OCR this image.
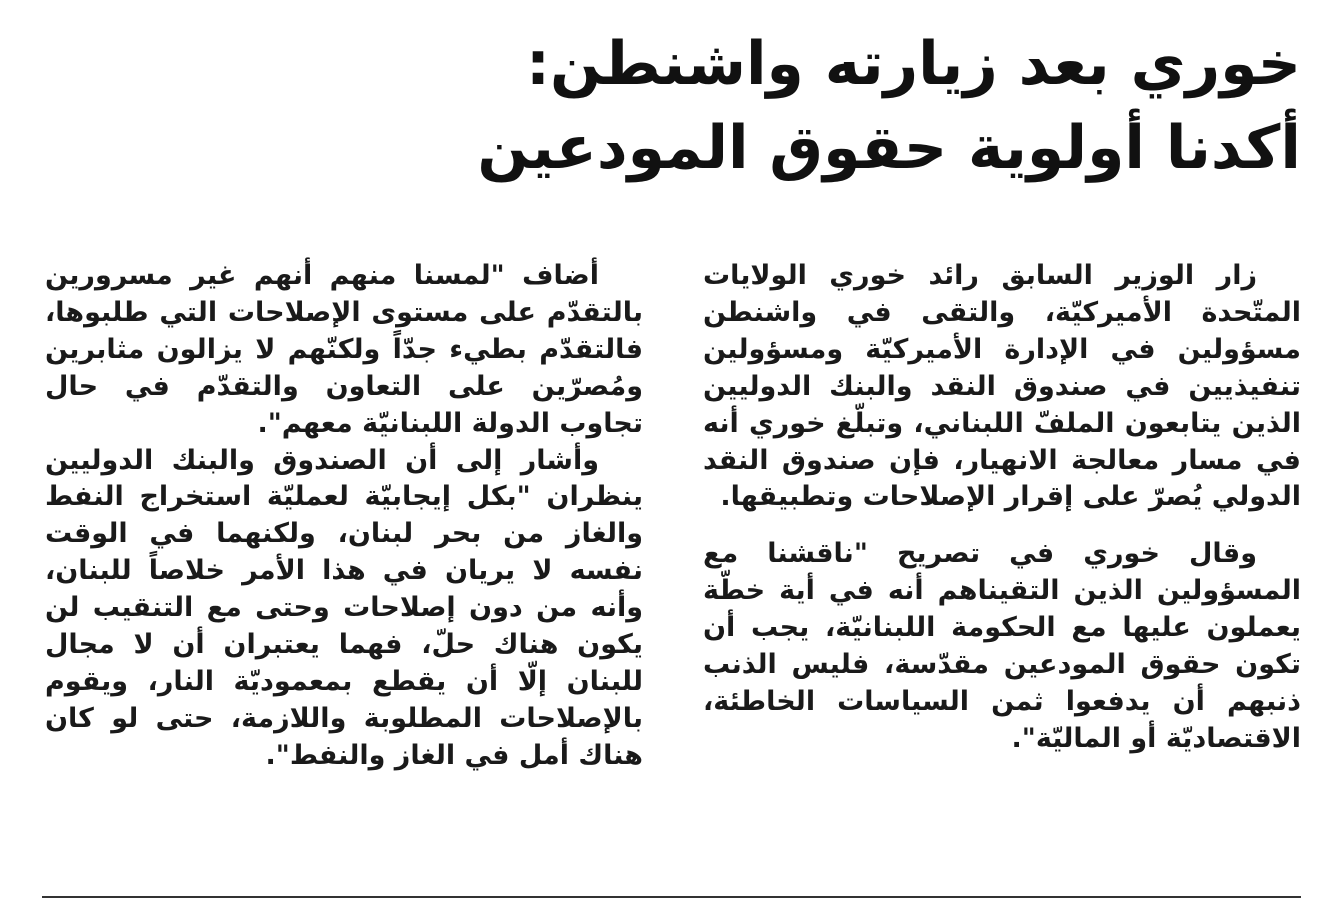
خوري بعد زيارته واشنطن:
أكدنا أولوية حقوق المودعين

زار الوزير السابق رائد خوري الولايات المتّحدة الأميركيّة، والتقى في واشنطن مسؤولين في الإدارة الأميركيّة ومسؤولين تنفيذيين في صندوق النقد والبنك الدوليين الذين يتابعون الملفّ اللبناني، وتبلّغ خوري أنه في مسار معالجة الانهيار، فإن صندوق النقد الدولي يُصرّ على إقرار الإصلاحات وتطبيقها.

وقال خوري في تصريح "ناقشنا مع المسؤولين الذين التقيناهم أنه في أية خطّة يعملون عليها مع الحكومة اللبنانيّة، يجب أن تكون حقوق المودعين مقدّسة، فليس الذنب ذنبهم أن يدفعوا ثمن السياسات الخاطئة، الاقتصاديّة أو الماليّة".

أضاف "لمسنا منهم أنهم غير مسرورين بالتقدّم على مستوى الإصلاحات التي طلبوها، فالتقدّم بطيء جدّاً ولكنّهم لا يزالون مثابرين ومُصرّين على التعاون والتقدّم في حال تجاوب الدولة اللبنانيّة معهم".

وأشار إلى أن الصندوق والبنك الدوليين ينظران "بكل إيجابيّة لعمليّة استخراج النفط والغاز من بحر لبنان، ولكنهما في الوقت نفسه لا يريان في هذا الأمر خلاصاً للبنان، وأنه من دون إصلاحات وحتى مع التنقيب لن يكون هناك حلّ، فهما يعتبران أن لا مجال للبنان إلّا أن يقطع بمعموديّة النار، ويقوم بالإصلاحات المطلوبة واللازمة، حتى لو كان هناك أمل في الغاز والنفط".
